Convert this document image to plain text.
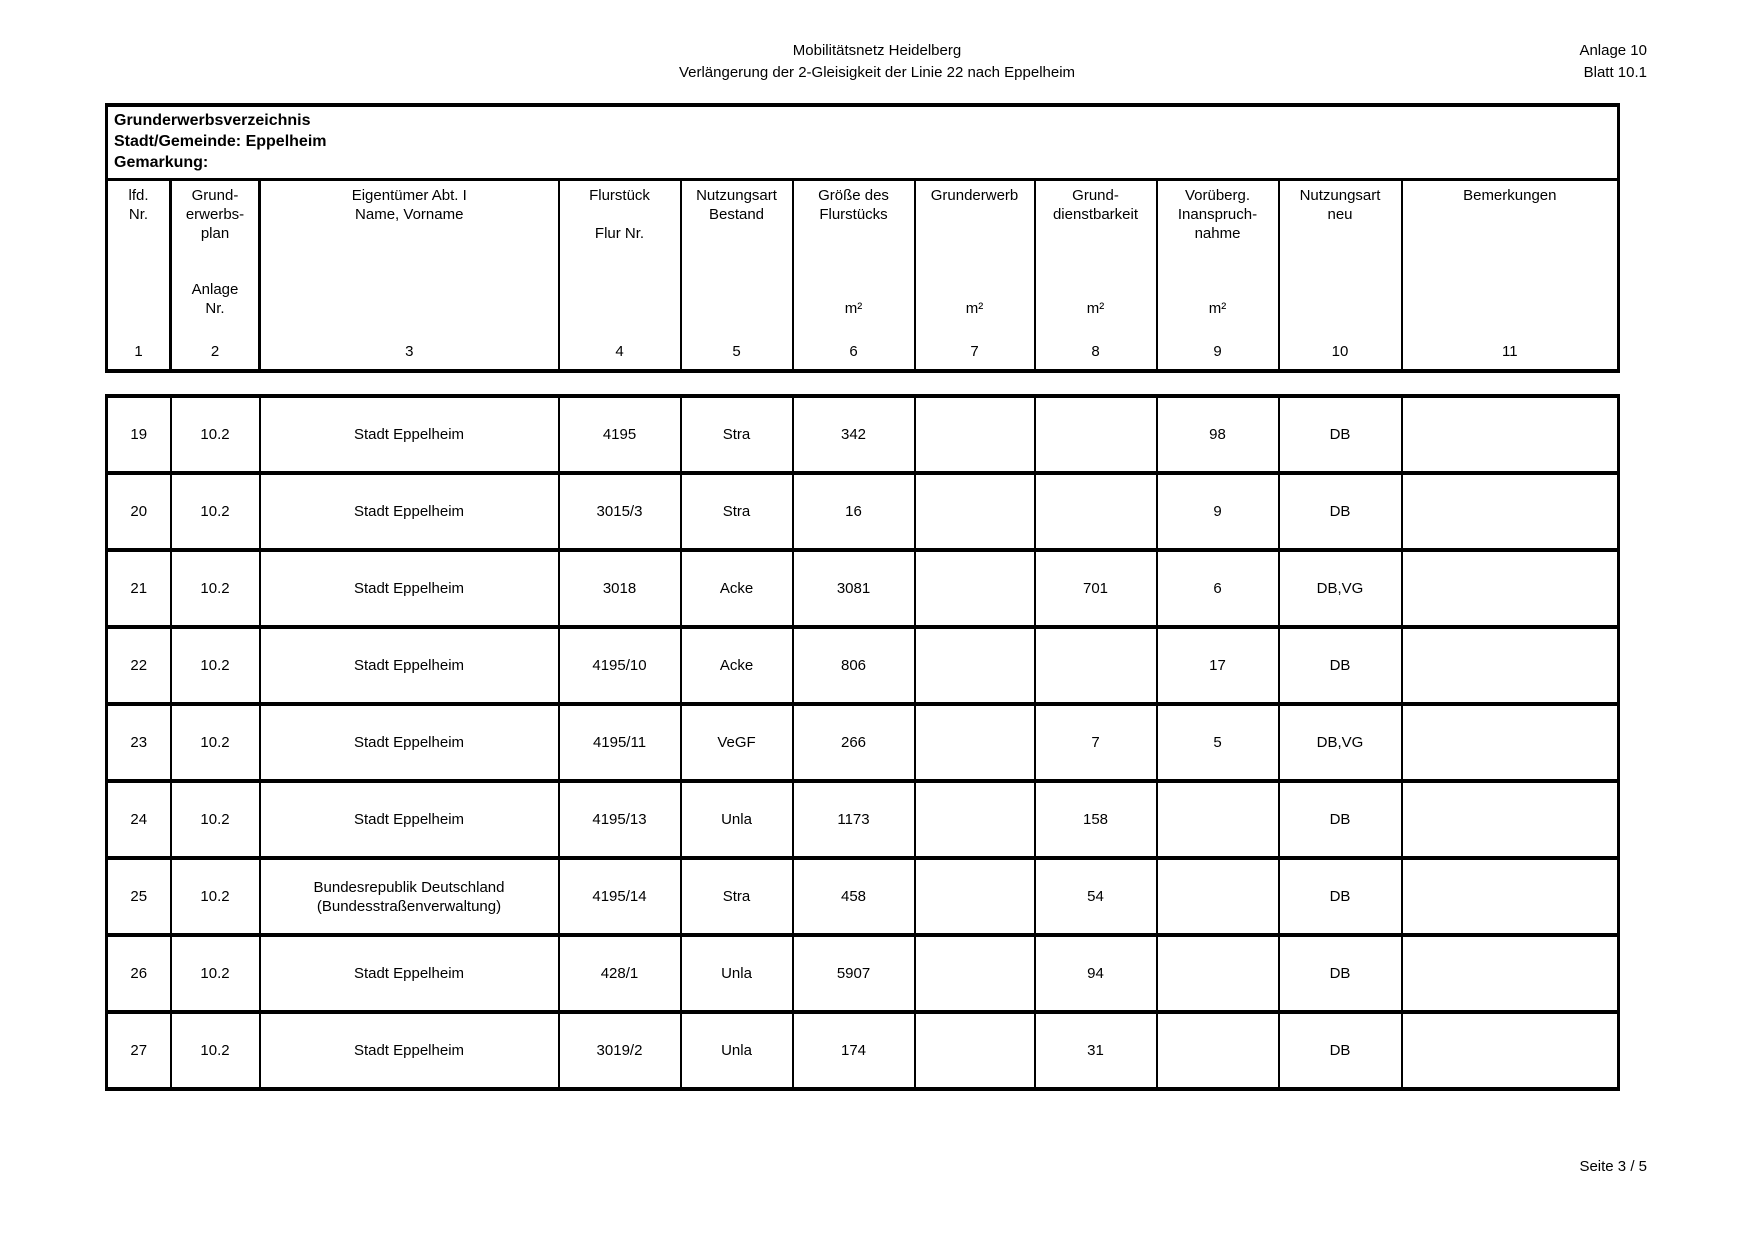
Mobilitätsnetz Heidelberg
Verlängerung der 2-Gleisigkeit der Linie 22 nach Eppelheim
Anlage 10
Blatt 10.1
Grunderwerbsverzeichnis
Stadt/Gemeinde: Eppelheim
Gemarkung:

lfd.
Nr.
1

Grund-
erwerbs-
plan
Anlage
Nr.
2

Eigentümer Abt. I
Name, Vorname
3

Flurstück
Flur Nr.
4

Nutzungsart
Bestand
5

Größe des
Flurstücks
m²
6

Grunderwerb
m²
7

Grund-
dienstbarkeit
m²
8

Vorüberg.
Inanspruch-
nahme
m²
9

Nutzungsart
neu
10

Bemerkungen
11
19	10.2	Stadt Eppelheim	4195	Stra	342			98	DB	
20	10.2	Stadt Eppelheim	3015/3	Stra	16			9	DB	
21	10.2	Stadt Eppelheim	3018	Acke	3081		701	6	DB,VG	
22	10.2	Stadt Eppelheim	4195/10	Acke	806			17	DB	
23	10.2	Stadt Eppelheim	4195/11	VeGF	266		7	5	DB,VG	
24	10.2	Stadt Eppelheim	4195/13	Unla	1173		158		DB	
25	10.2	Bundesrepublik Deutschland
(Bundesstraßenverwaltung)	4195/14	Stra	458		54		DB	
26	10.2	Stadt Eppelheim	428/1	Unla	5907		94		DB	
27	10.2	Stadt Eppelheim	3019/2	Unla	174		31		DB	
Seite 3 / 5
